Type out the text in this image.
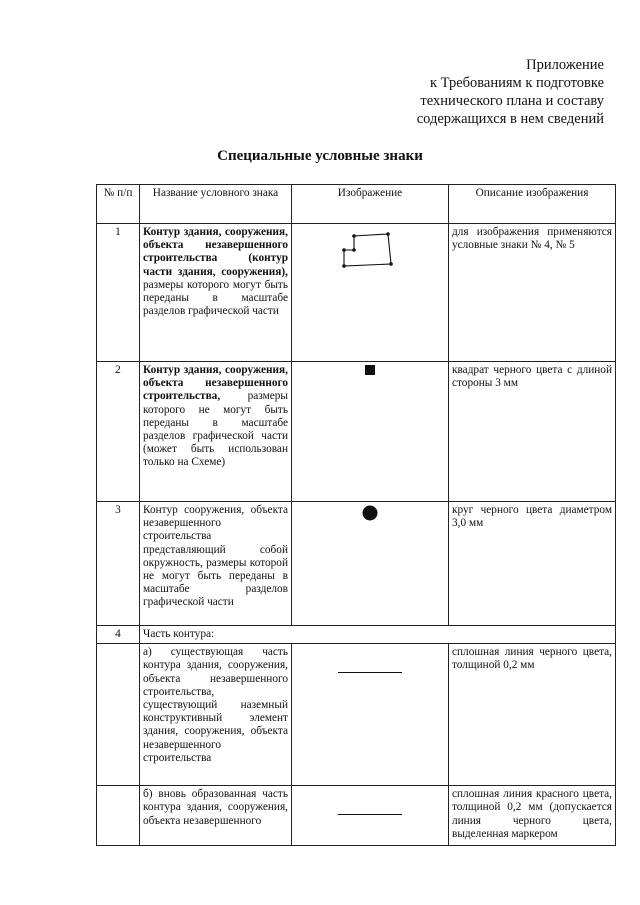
Приложение
к Требованиям к подготовке
технического плана и составу
содержащихся в нем сведений
Специальные условные знаки
№ п/п	Название условного знака	Изображение	Описание изображения
1	Контур здания, сооружения, объекта незавершенного строительства (контур части здания, сооружения), размеры которого могут быть переданы в масштабе разделов графической части		для изображения применяются условные знаки № 4, № 5
2	Контур здания, сооружения, объекта незавершенного строительства, размеры которого не могут быть переданы в масштабе разделов графической части (может быть использован только на Схеме)		квадрат черного цвета с длиной стороны 3 мм
3	Контур сооружения, объекта незавершенного строительства представляющий собой окружность, размеры которой не могут быть переданы в масштабе разделов графической части		круг черного цвета диаметром 3,0 мм
4	Часть контура:		
	а) существующая часть контура здания, сооружения, объекта незавершенного строительства, существующий наземный конструктивный элемент здания, сооружения, объекта незавершенного строительства		сплошная линия черного цвета, толщиной 0,2 мм
	б) вновь образованная часть контура здания, сооружения, объекта незавершенного		сплошная линия красного цвета, толщиной 0,2 мм (допускается линия черного цвета, выделенная маркером
